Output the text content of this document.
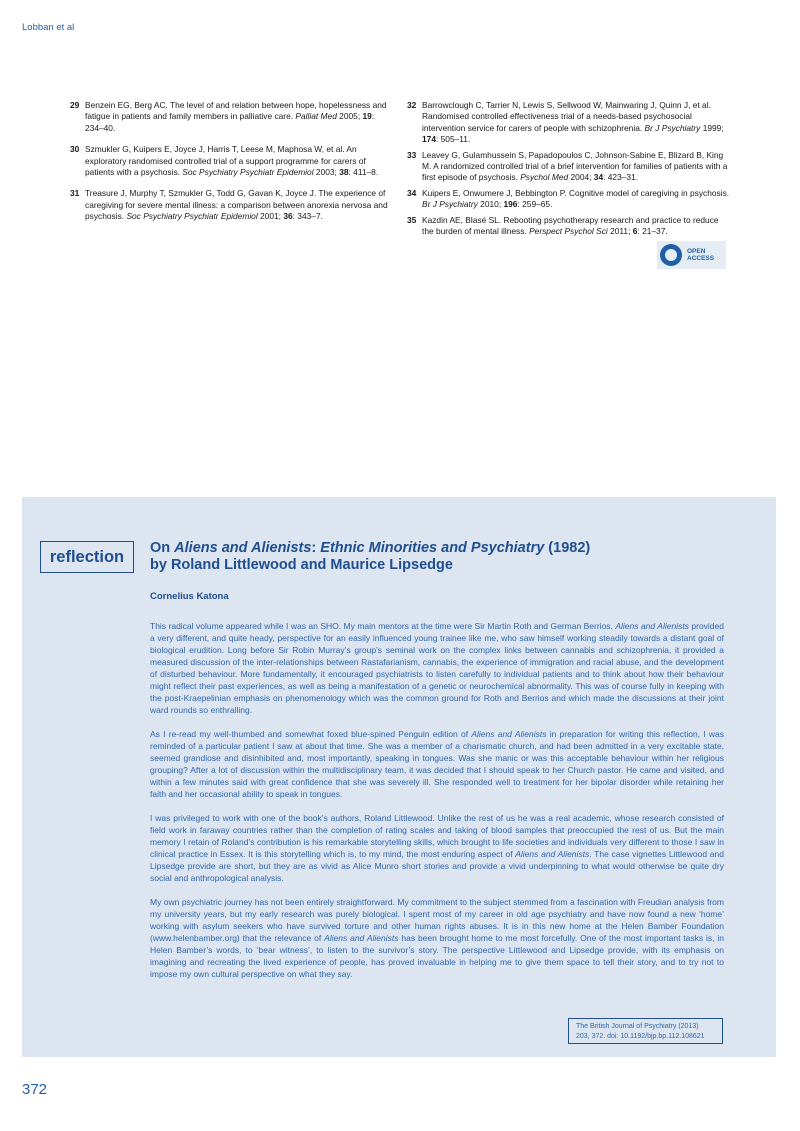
Lobban et al
29 Benzein EG, Berg AC. The level of and relation between hope, hopelessness and fatigue in patients and family members in palliative care. Palliat Med 2005; 19: 234–40.
30 Szmukler G, Kuipers E, Joyce J, Harris T, Leese M, Maphosa W, et al. An exploratory randomised controlled trial of a support programme for carers of patients with a psychosis. Soc Psychiatry Psychiatr Epidemiol 2003; 38: 411–8.
31 Treasure J, Murphy T, Szmukler G, Todd G, Gavan K, Joyce J. The experience of caregiving for severe mental illness: a comparison between anorexia nervosa and psychosis. Soc Psychiatry Psychiatr Epidemiol 2001; 36: 343–7.
32 Barrowclough C, Tarrier N, Lewis S, Sellwood W, Mainwaring J, Quinn J, et al. Randomised controlled effectiveness trial of a needs-based psychosocial intervention service for carers of people with schizophrenia. Br J Psychiatry 1999; 174: 505–11.
33 Leavey G, Gulamhussein S, Papadopoulos C, Johnson-Sabine E, Blizard B, King M. A randomized controlled trial of a brief intervention for families of patients with a first episode of psychosis. Psychol Med 2004; 34: 423–31.
34 Kuipers E, Onwumere J, Bebbington P. Cognitive model of caregiving in psychosis. Br J Psychiatry 2010; 196: 259–65.
35 Kazdin AE, Blasé SL. Rebooting psychotherapy research and practice to reduce the burden of mental illness. Perspect Psychol Sci 2011; 6: 21–37.
OPEN
ACCESS
reflection	On Aliens and Alienists: Ethnic Minorities and Psychiatry (1982)
by Roland Littlewood and Maurice Lipsedge
Cornelius Katona

This radical volume appeared while I was an SHO. My main mentors at the time were Sir Martin Roth and German Berrios. Aliens and Alienists provided a very different, and quite heady, perspective for an easily influenced young trainee like me, who saw himself working steadily towards a distant goal of biological erudition. Long before Sir Robin Murray’s group’s seminal work on the complex links between cannabis and schizophrenia, it provided a measured discussion of the inter-relationships between Rastafarianism, cannabis, the experience of immigration and racial abuse, and the development of disturbed behaviour. More fundamentally, it encouraged psychiatrists to listen carefully to individual patients and to think about how their behaviour might reflect their past experiences, as well as being a manifestation of a genetic or neurochemical abnormality. This was of course fully in keeping with the post-Kraepelinian emphasis on phenomenology which was the common ground for Roth and Berrios and which made the discussions at their joint ward rounds so enthralling.

As I re-read my well-thumbed and somewhat foxed blue-spined Penguin edition of Aliens and Alienists in preparation for writing this reflection, I was reminded of a particular patient I saw at about that time. She was a member of a charismatic church, and had been admitted in a very excitable state, seemed grandiose and disinhibited and, most importantly, speaking in tongues. Was she manic or was this acceptable behaviour within her religious grouping? After a lot of discussion within the multidisciplinary team, it was decided that I should speak to her Church pastor. He came and visited, and within a few minutes said with great confidence that she was severely ill. She responded well to treatment for her bipolar disorder while retaining her faith and her occasional ability to speak in tongues.

I was privileged to work with one of the book’s authors, Roland Littlewood. Unlike the rest of us he was a real academic, whose research consisted of field work in faraway countries rather than the completion of rating scales and taking of blood samples that preoccupied the rest of us. But the main memory I retain of Roland’s contribution is his remarkable storytelling skills, which brought to life societies and individuals very different to those I saw in clinical practice in Essex. It is this storytelling which is, to my mind, the most enduring aspect of Aliens and Alienists. The case vignettes Littlewood and Lipsedge provide are short, but they are as vivid as Alice Munro short stories and provide a vivid underpinning to what would otherwise be quite dry social and anthropological analysis.

My own psychiatric journey has not been entirely straightforward. My commitment to the subject stemmed from a fascination with Freudian analysis from my university years, but my early research was purely biological. I spent most of my career in old age psychiatry and have now found a new ‘home’ working with asylum seekers who have survived torture and other human rights abuses. It is in this new home at the Helen Bamber Foundation (www.helenbamber.org) that the relevance of Aliens and Alienists has been brought home to me most forcefully. One of the most important tasks is, in Helen Bamber’s words, to ‘bear witness’, to listen to the survivor’s story. The perspective Littlewood and Lipsedge provide, with its emphasis on imagining and recreating the lived experience of people, has proved invaluable in helping me to give them space to tell their story, and to try not to impose my own cultural perspective on what they say.

The British Journal of Psychiatry (2013)
203, 372. doi: 10.1192/bjp.bp.112.108621
372
